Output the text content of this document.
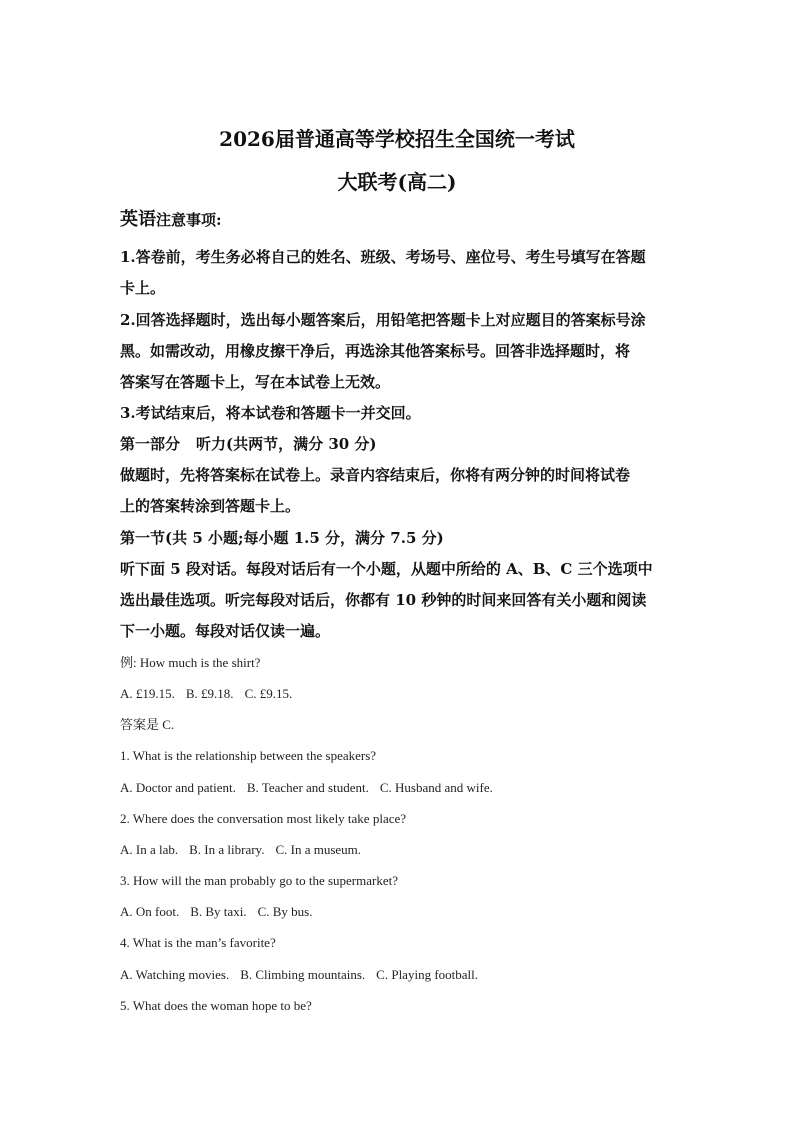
2026届普通高等学校招生全国统一考试
大联考(高二)
英语注意事项:
1.答卷前，考生务必将自己的姓名、班级、考场号、座位号、考生号填写在答题
卡上。
2.回答选择题时，选出每小题答案后，用铅笔把答题卡上对应题目的答案标号涂
黑。如需改动，用橡皮擦干净后，再选涂其他答案标号。回答非选择题时，将
答案写在答题卡上，写在本试卷上无效。
3.考试结束后，将本试卷和答题卡一并交回。
第一部分 听力(共两节，满分 30 分)
做题时，先将答案标在试卷上。录音内容结束后，你将有两分钟的时间将试卷
上的答案转涂到答题卡上。
第一节(共 5 小题;每小题 1.5 分，满分 7.5 分)
听下面 5 段对话。每段对话后有一个小题，从题中所给的 A、B、C 三个选项中
选出最佳选项。听完每段对话后，你都有 10 秒钟的时间来回答有关小题和阅读
下一小题。每段对话仅读一遍。
例: How much is the shirt?
A. £19.15. B. £9.18. C. £9.15.
答案是 C.
1. What is the relationship between the speakers?
A. Doctor and patient. B. Teacher and student. C. Husband and wife.
2. Where does the conversation most likely take place?
A. In a lab. B. In a library. C. In a museum.
3. How will the man probably go to the supermarket?
A. On foot. B. By taxi. C. By bus.
4. What is the man’s favorite?
A. Watching movies. B. Climbing mountains. C. Playing football.
5. What does the woman hope to be?
